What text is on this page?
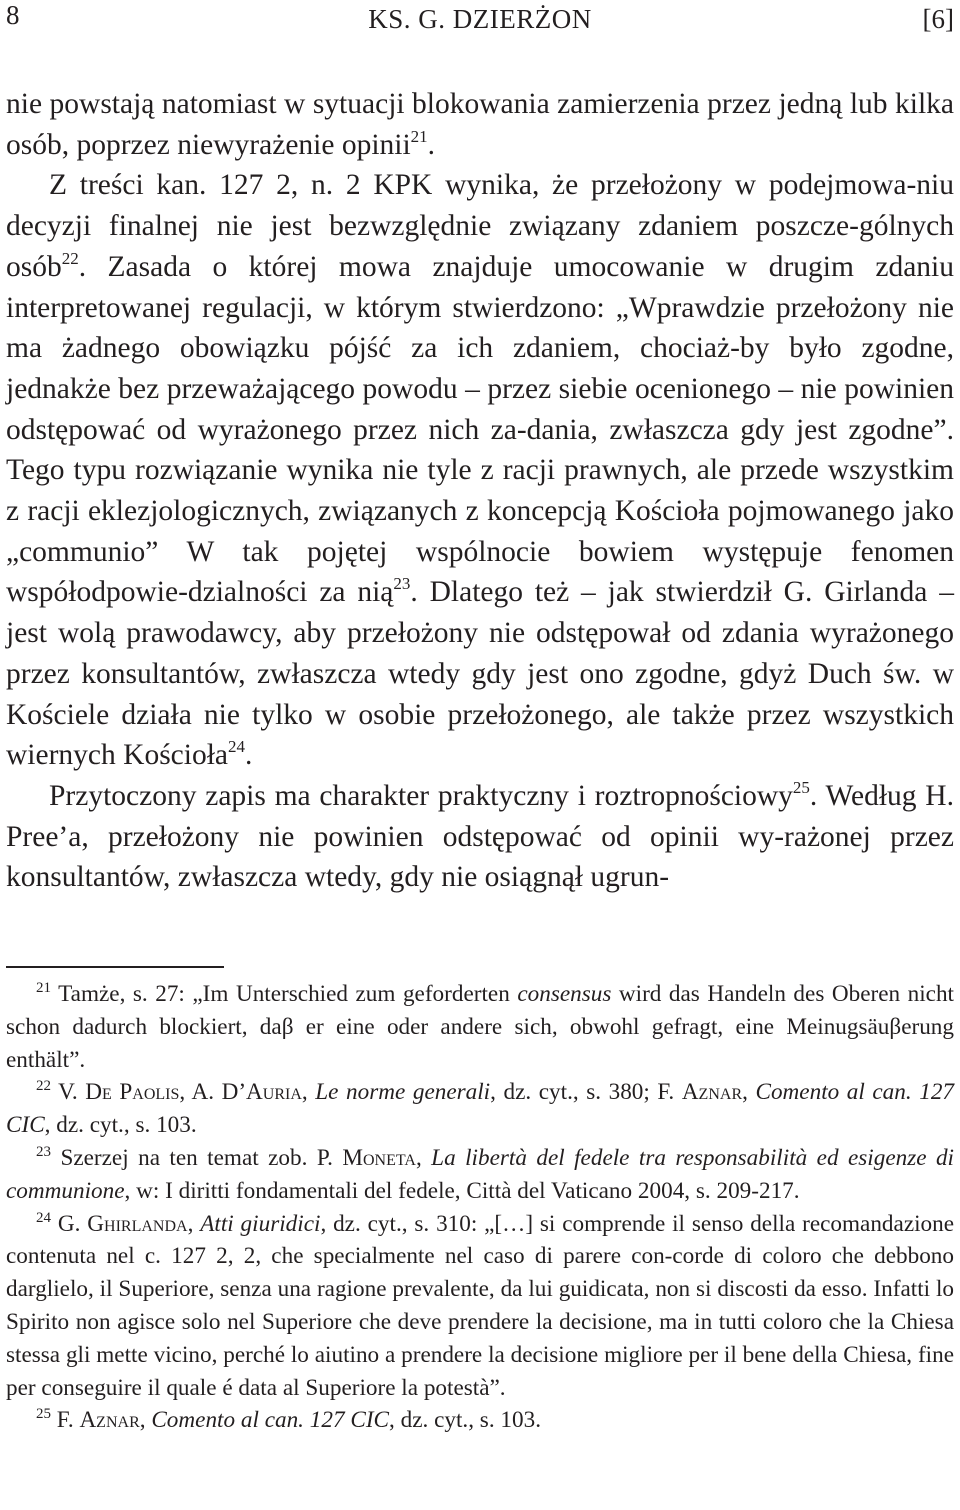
8	KS. G. DZIERŻON	[6]

nie powstają natomiast w sytuacji blokowania zamierzenia przez jedną lub kilka osób, poprzez niewyrażenie opinii$^{21}$.

Z treści kan. 127 2, n. 2 KPK wynika, że przełożony w podejmowa-niu decyzji finalnej nie jest bezwzględnie związany zdaniem poszcze-gólnych osób$^{22}$. Zasada o której mowa znajduje umocowanie w drugim zdaniu interpretowanej regulacji, w którym stwierdzono: „Wprawdzie przełożony nie ma żadnego obowiązku pójść za ich zdaniem, chociaż-by było zgodne, jednakże bez przeważającego powodu – przez siebie ocenionego – nie powinien odstępować od wyrażonego przez nich za-dania, zwłaszcza gdy jest zgodne”. Tego typu rozwiązanie wynika nie tyle z racji prawnych, ale przede wszystkim z racji eklezjologicznych, związanych z koncepcją Kościoła pojmowanego jako „communio” W tak pojętej wspólnocie bowiem występuje fenomen współodpowie-dzialności za nią$^{23}$. Dlatego też – jak stwierdził G. Girlanda – jest wolą prawodawcy, aby przełożony nie odstępował od zdania wyrażonego przez konsultantów, zwłaszcza wtedy gdy jest ono zgodne, gdyż Duch św. w Kościele działa nie tylko w osobie przełożonego, ale także przez wszystkich wiernych Kościoła$^{24}$.

Przytoczony zapis ma charakter praktyczny i roztropnościowy$^{25}$. Według H. Pree’a, przełożony nie powinien odstępować od opinii wy-rażonej przez konsultantów, zwłaszcza wtedy, gdy nie osiągnął ugrun-

$^{21}$ Tamże, s. 27: „Im Unterschied zum geforderten consensus wird das Handeln des Oberen nicht schon dadurch blockiert, daβ er eine oder andere sich, obwohl gefragt, eine Meinugsäuβerung enthält”.

$^{22}$ V. De Paolis, A. D’Auria, Le norme generali, dz. cyt., s. 380; F. Aznar, Comento al can. 127 CIC, dz. cyt., s. 103.

$^{23}$ Szerzej na ten temat zob. P. Moneta, La libertà del fedele tra responsabilità ed esigenze di communione, w: I diritti fondamentali del fedele, Città del Vaticano 2004, s. 209-217.

$^{24}$ G. Ghirlanda, Atti giuridici, dz. cyt., s. 310: „[…] si comprende il senso della recomandazione contenuta nel c. 127 2, 2, che specialmente nel caso di parere con-corde di coloro che debbono darglielo, il Superiore, senza una ragione prevalente, da lui guidicata, non si discosti da esso. Infatti lo Spirito non agisce solo nel Superiore che deve prendere la decisione, ma in tutti coloro che la Chiesa stessa gli mette vicino, perché lo aiutino a prendere la decisione migliore per il bene della Chiesa, fine per conseguire il quale é data al Superiore la potestà”.

$^{25}$ F. Aznar, Comento al can. 127 CIC, dz. cyt., s. 103.
